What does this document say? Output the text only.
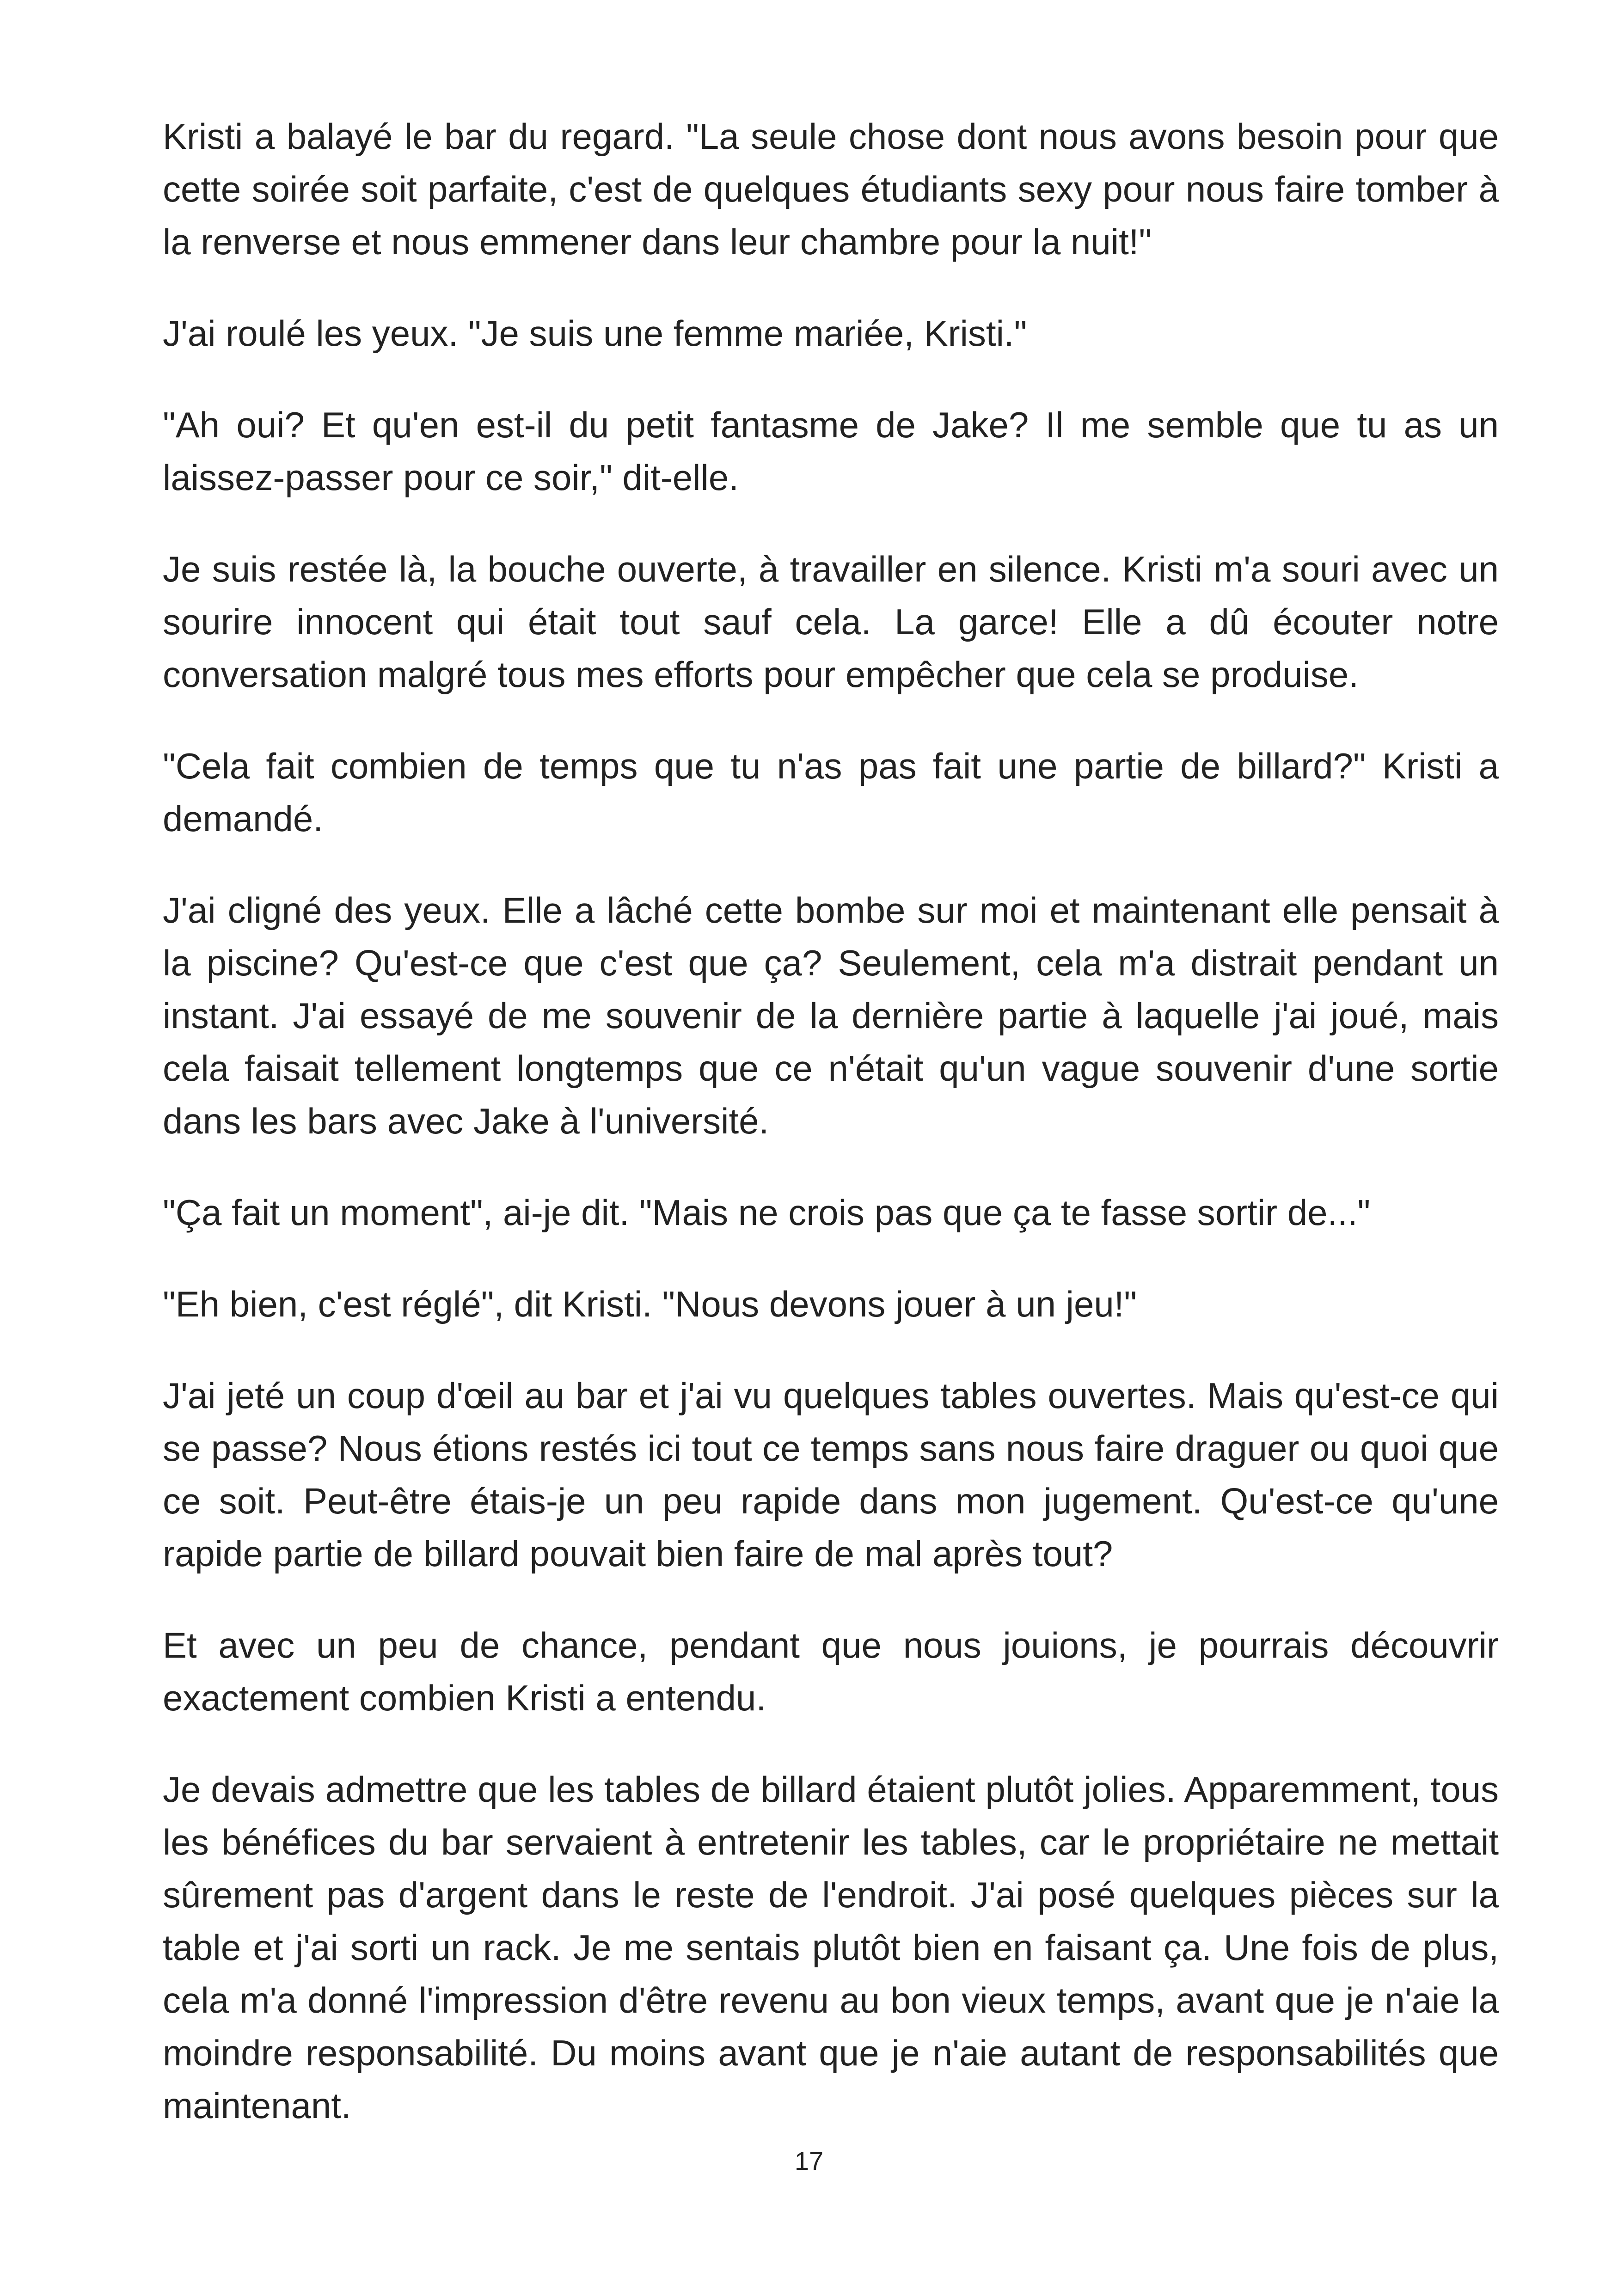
Kristi a balayé le bar du regard. "La seule chose dont nous avons besoin pour que cette soirée soit parfaite, c'est de quelques étudiants sexy pour nous faire tomber à la renverse et nous emmener dans leur chambre pour la nuit!"

J'ai roulé les yeux. "Je suis une femme mariée, Kristi."

"Ah oui? Et qu'en est-il du petit fantasme de Jake? Il me semble que tu as un laissez-passer pour ce soir," dit-elle.

Je suis restée là, la bouche ouverte, à travailler en silence. Kristi m'a souri avec un sourire innocent qui était tout sauf cela. La garce! Elle a dû écouter notre conversation malgré tous mes efforts pour empêcher que cela se produise.

"Cela fait combien de temps que tu n'as pas fait une partie de billard?" Kristi a demandé.

J'ai cligné des yeux. Elle a lâché cette bombe sur moi et maintenant elle pensait à la piscine? Qu'est-ce que c'est que ça? Seulement, cela m'a distrait pendant un instant. J'ai essayé de me souvenir de la dernière partie à laquelle j'ai joué, mais cela faisait tellement longtemps que ce n'était qu'un vague souvenir d'une sortie dans les bars avec Jake à l'université.

"Ça fait un moment", ai-je dit. "Mais ne crois pas que ça te fasse sortir de..."

"Eh bien, c'est réglé", dit Kristi. "Nous devons jouer à un jeu!"

J'ai jeté un coup d'œil au bar et j'ai vu quelques tables ouvertes. Mais qu'est-ce qui se passe? Nous étions restés ici tout ce temps sans nous faire draguer ou quoi que ce soit. Peut-être étais-je un peu rapide dans mon jugement. Qu'est-ce qu'une rapide partie de billard pouvait bien faire de mal après tout?

Et avec un peu de chance, pendant que nous jouions, je pourrais découvrir exactement combien Kristi a entendu.

Je devais admettre que les tables de billard étaient plutôt jolies. Apparemment, tous les bénéfices du bar servaient à entretenir les tables, car le propriétaire ne mettait sûrement pas d'argent dans le reste de l'endroit. J'ai posé quelques pièces sur la table et j'ai sorti un rack. Je me sentais plutôt bien en faisant ça. Une fois de plus, cela m'a donné l'impression d'être revenu au bon vieux temps, avant que je n'aie la moindre responsabilité. Du moins avant que je n'aie autant de responsabilités que maintenant.

17
